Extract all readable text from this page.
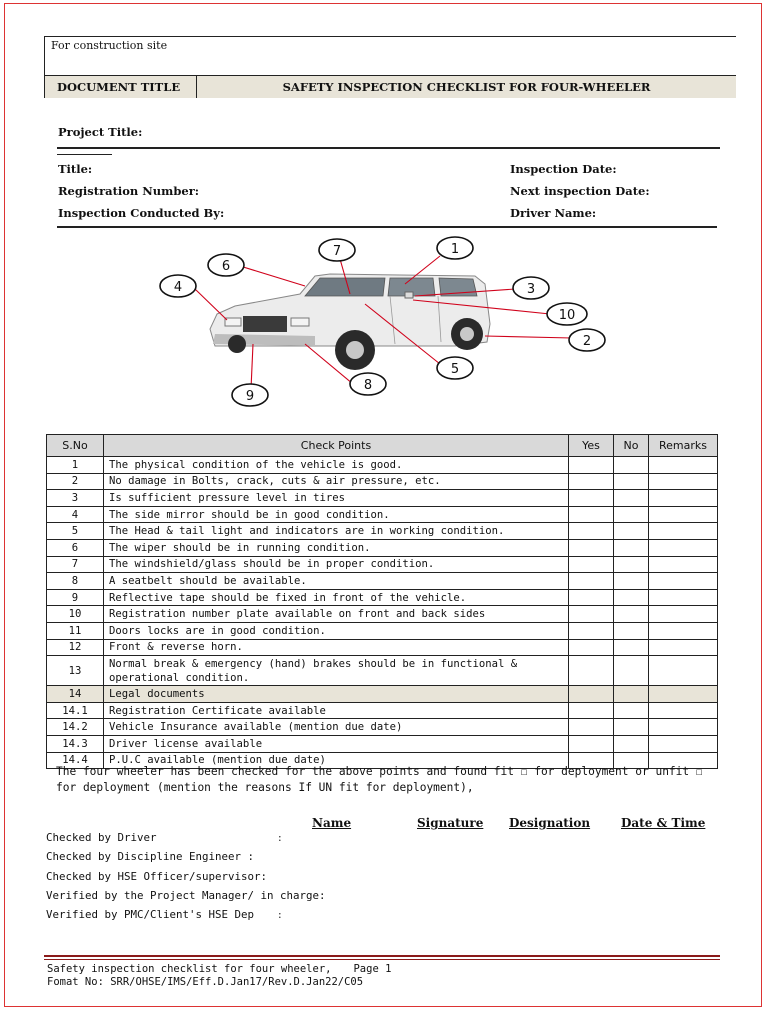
For construction site
DOCUMENT TITLE	SAFETY INSPECTION CHECKLIST FOR FOUR-WHEELER
Project Title:
Title:
Registration Number:
Inspection Conducted By:
Inspection Date:
Next inspection Date:
Driver Name:
1
2
3
4
5
6
7
8
9
10
S.No	Check Points	Yes	No	Remarks
1	The physical condition of the vehicle is good.			
2	No damage in Bolts, crack, cuts & air pressure, etc.			
3	Is sufficient pressure level in tires			
4	The side mirror should be in good condition.			
5	The Head & tail light and indicators are in working condition.			
6	The wiper should be in running condition.			
7	The windshield/glass should be in proper condition.			
8	A seatbelt should be available.			
9	Reflective tape should be fixed in front of the vehicle.			
10	Registration number plate available on front and back sides			
11	Doors locks are in good condition.			
12	Front & reverse horn.			
13	Normal break & emergency (hand) brakes should be in functional & operational condition.			
14	Legal documents			
14.1	Registration Certificate available			
14.2	Vehicle Insurance available (mention due date)			
14.3	Driver license available			
14.4	P.U.C available (mention due date)			
The four wheeler has been checked for the above points and found fit ☐ for deployment or unfit ☐ for deployment (mention the reasons If UN fit for deployment),
Name	Signature Designation	Date & Time
Checked by Driver	:
Checked by Discipline Engineer :
Checked by HSE Officer/supervisor:
Verified by the Project Manager/ in charge:
Verified by PMC/Client's HSE Dep :
Safety inspection checklist for four wheeler, Page 1
Fomat No: SRR/OHSE/IMS/Eff.D.Jan17/Rev.D.Jan22/C05
